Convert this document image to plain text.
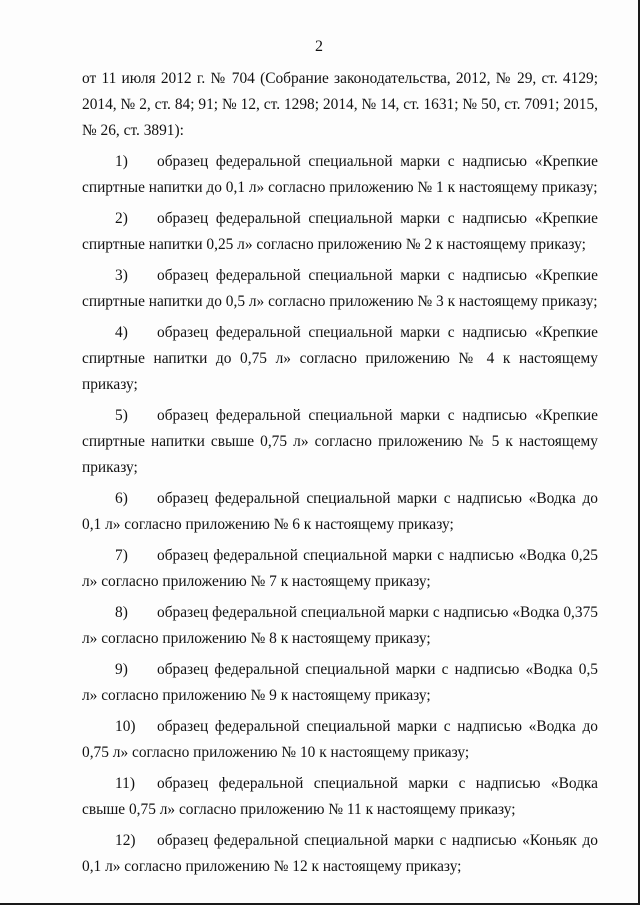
2

от 11 июля 2012 г. № 704 (Собрание законодательства, 2012, № 29, ст. 4129; 2014, № 2, ст. 84; 91; № 12, ст. 1298; 2014, № 14, ст. 1631; № 50, ст. 7091; 2015, № 26, ст. 3891):

1) образец федеральной специальной марки с надписью «Крепкие спиртные напитки до 0,1 л» согласно приложению № 1 к настоящему приказу;

2) образец федеральной специальной марки с надписью «Крепкие спиртные напитки 0,25 л» согласно приложению № 2 к настоящему приказу;

3) образец федеральной специальной марки с надписью «Крепкие спиртные напитки до 0,5 л» согласно приложению № 3 к настоящему приказу;

4) образец федеральной специальной марки с надписью «Крепкие спиртные напитки до 0,75 л» согласно приложению № 4 к настоящему приказу;

5) образец федеральной специальной марки с надписью «Крепкие спиртные напитки свыше 0,75 л» согласно приложению № 5 к настоящему приказу;

6) образец федеральной специальной марки с надписью «Водка до 0,1 л» согласно приложению № 6 к настоящему приказу;

7) образец федеральной специальной марки с надписью «Водка 0,25 л» согласно приложению № 7 к настоящему приказу;

8) образец федеральной специальной марки с надписью «Водка 0,375 л» согласно приложению № 8 к настоящему приказу;

9) образец федеральной специальной марки с надписью «Водка 0,5 л» согласно приложению № 9 к настоящему приказу;

10) образец федеральной специальной марки с надписью «Водка до 0,75 л» согласно приложению № 10 к настоящему приказу;

11) образец федеральной специальной марки с надписью «Водка свыше 0,75 л» согласно приложению № 11 к настоящему приказу;

12) образец федеральной специальной марки с надписью «Коньяк до 0,1 л» согласно приложению № 12 к настоящему приказу;
